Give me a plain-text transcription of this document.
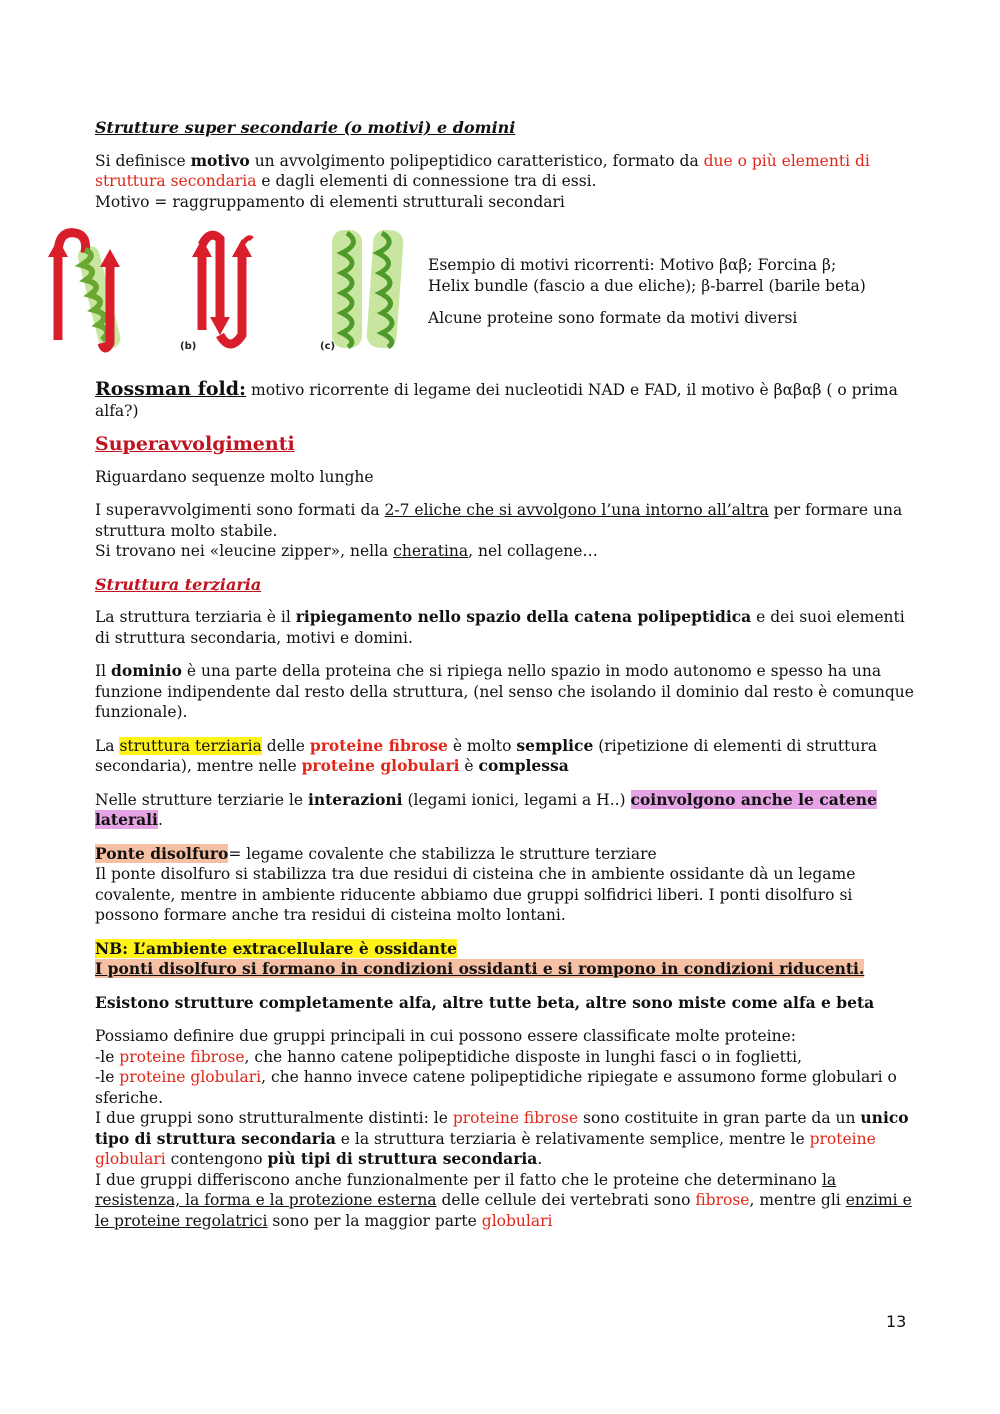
Strutture super secondarie (o motivi) e domini

Si definisce motivo un avvolgimento polipeptidico caratteristico, formato da due o più elementi di struttura secondaria e dagli elementi di connessione tra di essi.
Motivo = raggruppamento di elementi strutturali secondari

(b)	(c)

Esempio di motivi ricorrenti: Motivo βαβ; Forcina β; Helix bundle (fascio a due eliche); β-barrel (barile beta)

Alcune proteine sono formate da motivi diversi

Rossman fold: motivo ricorrente di legame dei nucleotidi NAD e FAD, il motivo è βαβαβ ( o prima alfa?)

Superavvolgimenti

Riguardano sequenze molto lunghe

I superavvolgimenti sono formati da 2-7 eliche che si avvolgono l’una intorno all’altra per formare una struttura molto stabile.
Si trovano nei «leucine zipper», nella cheratina, nel collagene…

Struttura terziaria

La struttura terziaria è il ripiegamento nello spazio della catena polipeptidica e dei suoi elementi di struttura secondaria, motivi e domini.

Il dominio è una parte della proteina che si ripiega nello spazio in modo autonomo e spesso ha una funzione indipendente dal resto della struttura, (nel senso che isolando il dominio dal resto è comunque funzionale).

La struttura terziaria delle proteine fibrose è molto semplice (ripetizione di elementi di struttura secondaria), mentre nelle proteine globulari è complessa

Nelle strutture terziarie le interazioni (legami ionici, legami a H..) coinvolgono anche le catene laterali.

Ponte disolfuro= legame covalente che stabilizza le strutture terziare
Il ponte disolfuro si stabilizza tra due residui di cisteina che in ambiente ossidante dà un legame covalente, mentre in ambiente riducente abbiamo due gruppi solfidrici liberi. I ponti disolfuro si possono formare anche tra residui di cisteina molto lontani.

NB: L’ambiente extracellulare è ossidante
I ponti disolfuro si formano in condizioni ossidanti e si rompono in condizioni riducenti.

Esistono strutture completamente alfa, altre tutte beta, altre sono miste come alfa e beta

Possiamo definire due gruppi principali in cui possono essere classificate molte proteine:
-le proteine fibrose, che hanno catene polipeptidiche disposte in lunghi fasci o in foglietti,
-le proteine globulari, che hanno invece catene polipeptidiche ripiegate e assumono forme globulari o sferiche.
I due gruppi sono strutturalmente distinti: le proteine fibrose sono costituite in gran parte da un unico tipo di struttura secondaria e la struttura terziaria è relativamente semplice, mentre le proteine globulari contengono più tipi di struttura secondaria.
I due gruppi differiscono anche funzionalmente per il fatto che le proteine che determinano la resistenza, la forma e la protezione esterna delle cellule dei vertebrati sono fibrose, mentre gli enzimi e le proteine regolatrici sono per la maggior parte globulari

13
